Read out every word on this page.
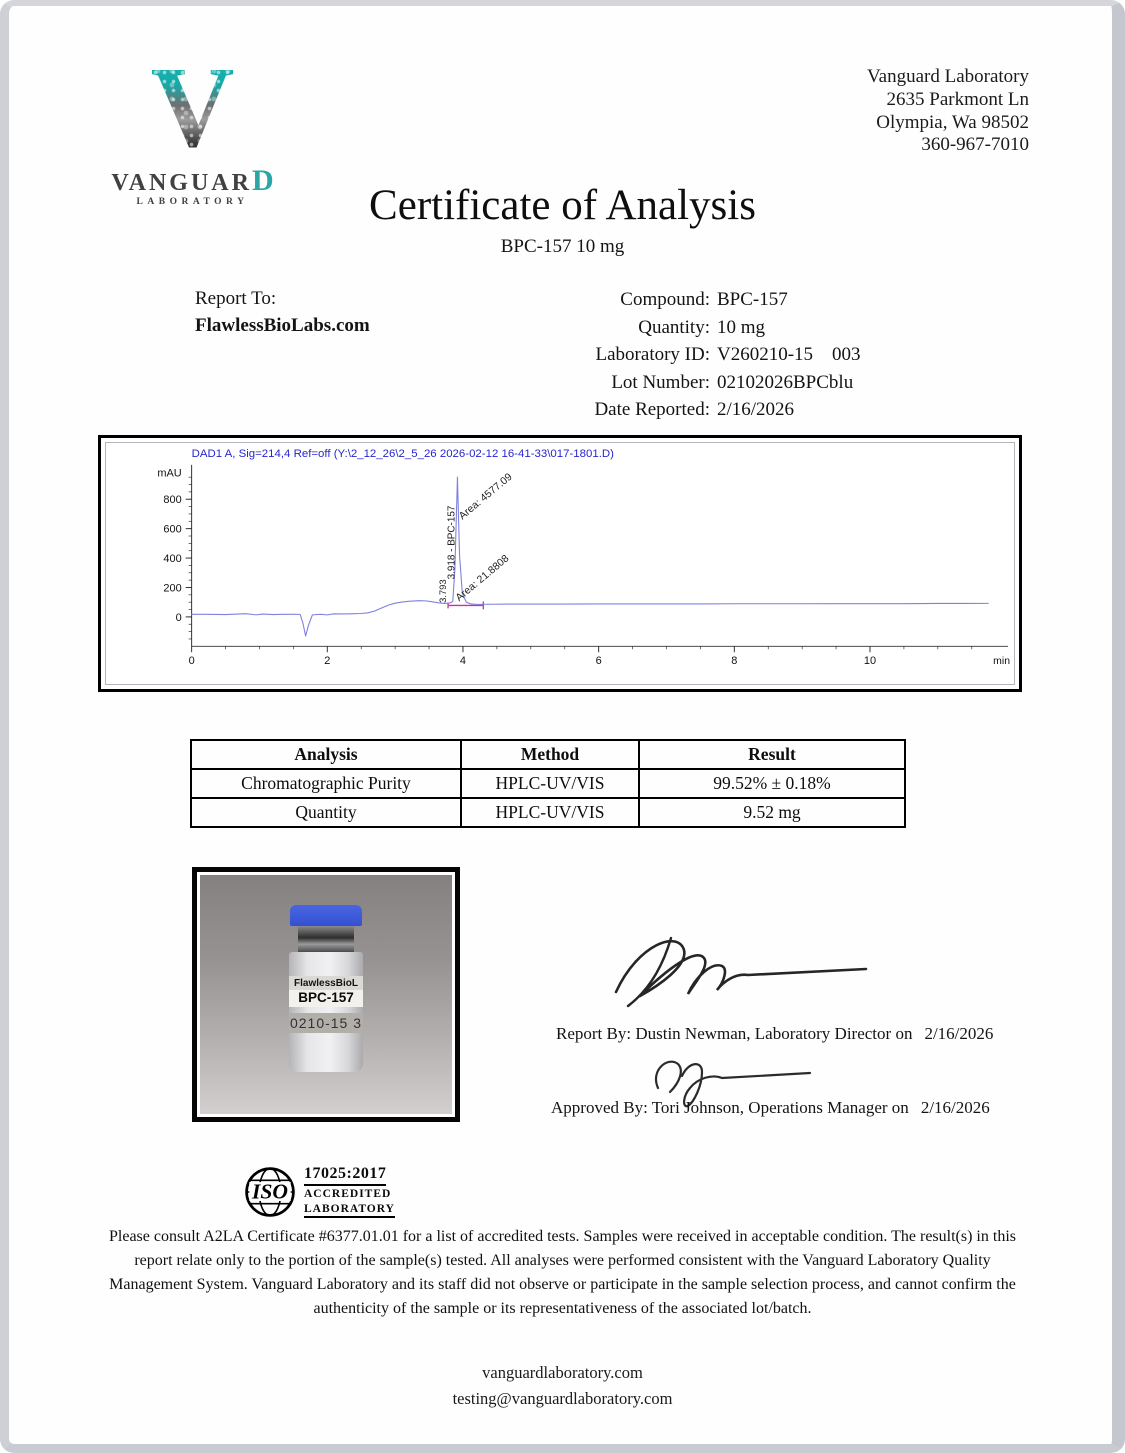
V
VANGUARD
LABORATORY
Vanguard Laboratory
2635 Parkmont Ln
Olympia, Wa 98502
360-967-7010
Certificate of Analysis
BPC-157 10 mg
Report To:
FlawlessBioLabs.com
Compound: BPC-157
Quantity: 10 mg
Laboratory ID: V260210-15    003
Lot Number: 02102026BPCblu
Date Reported: 2/16/2026
DAD1 A, Sig=214,4 Ref=off (Y:\2_12_26\2_5_26 2026-02-12 16-41-33\017-1801.D)
0
200
400
600
800
mAU
0	2	4	6	8	10	min
3.918 - BPC-157
Area: 4577.09
3.793 Area: 21.8808
Analysis	Method	Result
Chromatographic Purity	HPLC-UV/VIS	99.52% ± 0.18%
Quantity	HPLC-UV/VIS	9.52 mg
FlawlessBioL
BPC-157
0210-15 3
Report By: Dustin Newman, Laboratory Director on 2/16/2026
Approved By: Tori Johnson, Operations Manager on 2/16/2026
ISO
17025:2017
ACCREDITED
LABORATORY
Please consult A2LA Certificate #6377.01.01 for a list of accredited tests. Samples were received in acceptable condition. The result(s) in this report relate only to the portion of the sample(s) tested. All analyses were performed consistent with the Vanguard Laboratory Quality Management System. Vanguard Laboratory and its staff did not observe or participate in the sample selection process, and cannot confirm the authenticity of the sample or its representativeness of the associated lot/batch.
vanguardlaboratory.com
testing@vanguardlaboratory.com
